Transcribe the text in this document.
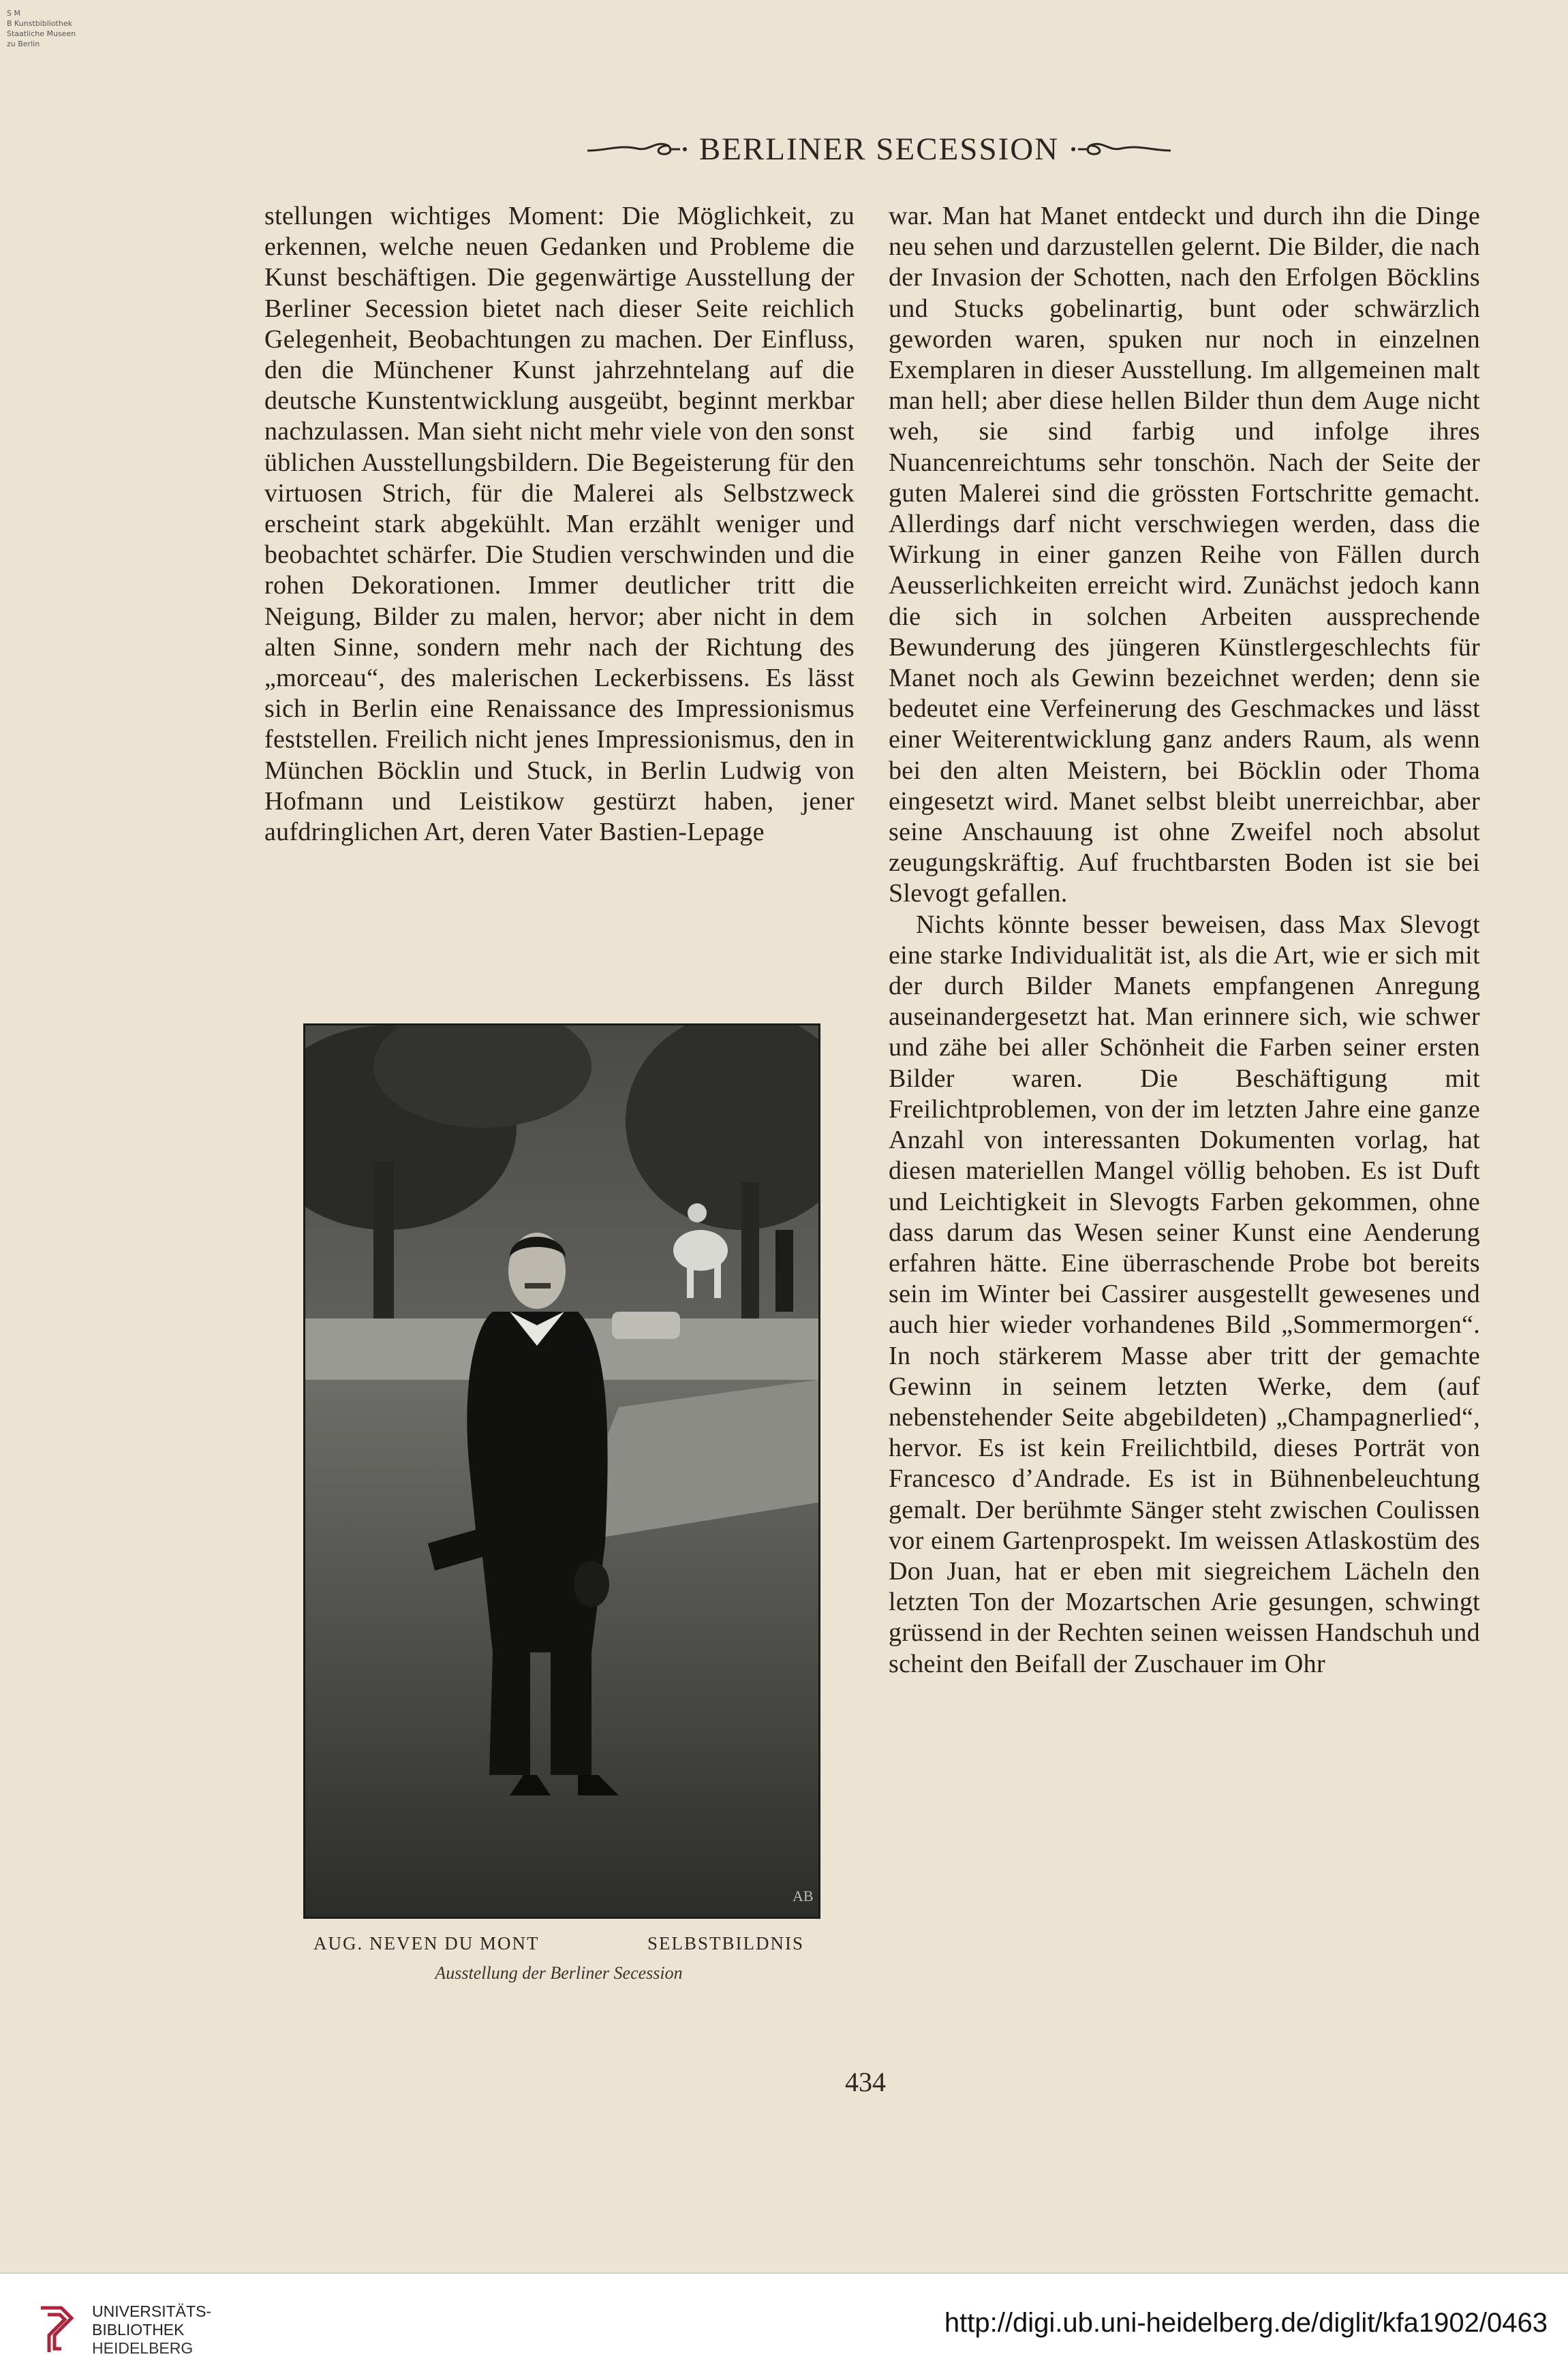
S M
B Kunstbibliothek
Staatliche Museen
zu Berlin
BERLINER SECESSION

stellungen wichtiges Moment: Die Möglichkeit, zu erkennen, welche neuen Gedanken und Probleme die Kunst beschäftigen. Die gegenwärtige Ausstellung der Berliner Secession bietet nach dieser Seite reichlich Gelegenheit, Beobachtungen zu machen. Der Einfluss, den die Münchener Kunst jahrzehntelang auf die deutsche Kunstentwicklung ausgeübt, beginnt merkbar nachzulassen. Man sieht nicht mehr viele von den sonst üblichen Ausstellungsbildern. Die Begeisterung für den virtuosen Strich, für die Malerei als Selbstzweck erscheint stark abgekühlt. Man erzählt weniger und beobachtet schärfer. Die Studien verschwinden und die rohen Dekorationen. Immer deutlicher tritt die Neigung, Bilder zu malen, hervor; aber nicht in dem alten Sinne, sondern mehr nach der Richtung des „morceau“, des malerischen Leckerbissens. Es lässt sich in Berlin eine Renaissance des Impressionismus feststellen. Freilich nicht jenes Impressionismus, den in München Böcklin und Stuck, in Berlin Ludwig von Hofmann und Leistikow gestürzt haben, jener aufdringlichen Art, deren Vater Bastien-Lepage

war. Man hat Manet entdeckt und durch ihn die Dinge neu sehen und darzustellen gelernt. Die Bilder, die nach der Invasion der Schotten, nach den Erfolgen Böcklins und Stucks gobelinartig, bunt oder schwärzlich geworden waren, spuken nur noch in einzelnen Exemplaren in dieser Ausstellung. Im allgemeinen malt man hell; aber diese hellen Bilder thun dem Auge nicht weh, sie sind farbig und infolge ihres Nuancenreichtums sehr tonschön. Nach der Seite der guten Malerei sind die grössten Fortschritte gemacht. Allerdings darf nicht verschwiegen werden, dass die Wirkung in einer ganzen Reihe von Fällen durch Aeusserlichkeiten erreicht wird. Zunächst jedoch kann die sich in solchen Arbeiten aussprechende Bewunderung des jüngeren Künstlergeschlechts für Manet noch als Gewinn bezeichnet werden; denn sie bedeutet eine Verfeinerung des Geschmackes und lässt einer Weiterentwicklung ganz anders Raum, als wenn bei den alten Meistern, bei Böcklin oder Thoma eingesetzt wird. Manet selbst bleibt unerreichbar, aber seine Anschauung ist ohne Zweifel noch absolut zeugungskräftig. Auf fruchtbarsten Boden ist sie bei Slevogt gefallen.

Nichts könnte besser beweisen, dass Max Slevogt eine starke Individualität ist, als die Art, wie er sich mit der durch Bilder Manets empfangenen Anregung auseinandergesetzt hat. Man erinnere sich, wie schwer und zähe bei aller Schönheit die Farben seiner ersten Bilder waren. Die Beschäftigung mit Freilichtproblemen, von der im letzten Jahre eine ganze Anzahl von interessanten Dokumenten vorlag, hat diesen materiellen Mangel völlig behoben. Es ist Duft und Leichtigkeit in Slevogts Farben gekommen, ohne dass darum das Wesen seiner Kunst eine Aenderung erfahren hätte. Eine überraschende Probe bot bereits sein im Winter bei Cassirer ausgestellt gewesenes und auch hier wieder vorhandenes Bild „Sommermorgen“. In noch stärkerem Masse aber tritt der gemachte Gewinn in seinem letzten Werke, dem (auf nebenstehender Seite abgebildeten) „Champagnerlied“, hervor. Es ist kein Freilichtbild, dieses Porträt von Francesco d’Andrade. Es ist in Bühnenbeleuchtung gemalt. Der berühmte Sänger steht zwischen Coulissen vor einem Gartenprospekt. Im weissen Atlaskostüm des Don Juan, hat er eben mit siegreichem Lächeln den letzten Ton der Mozartschen Arie gesungen, schwingt grüssend in der Rechten seinen weissen Handschuh und scheint den Beifall der Zuschauer im Ohr

AB
AUG. NEVEN DU MONT	SELBSTBILDNIS
Ausstellung der Berliner Secession
434
UNIVERSITÄTS-
BIBLIOTHEK
HEIDELBERG
http://digi.ub.uni-heidelberg.de/diglit/kfa1902/0463
